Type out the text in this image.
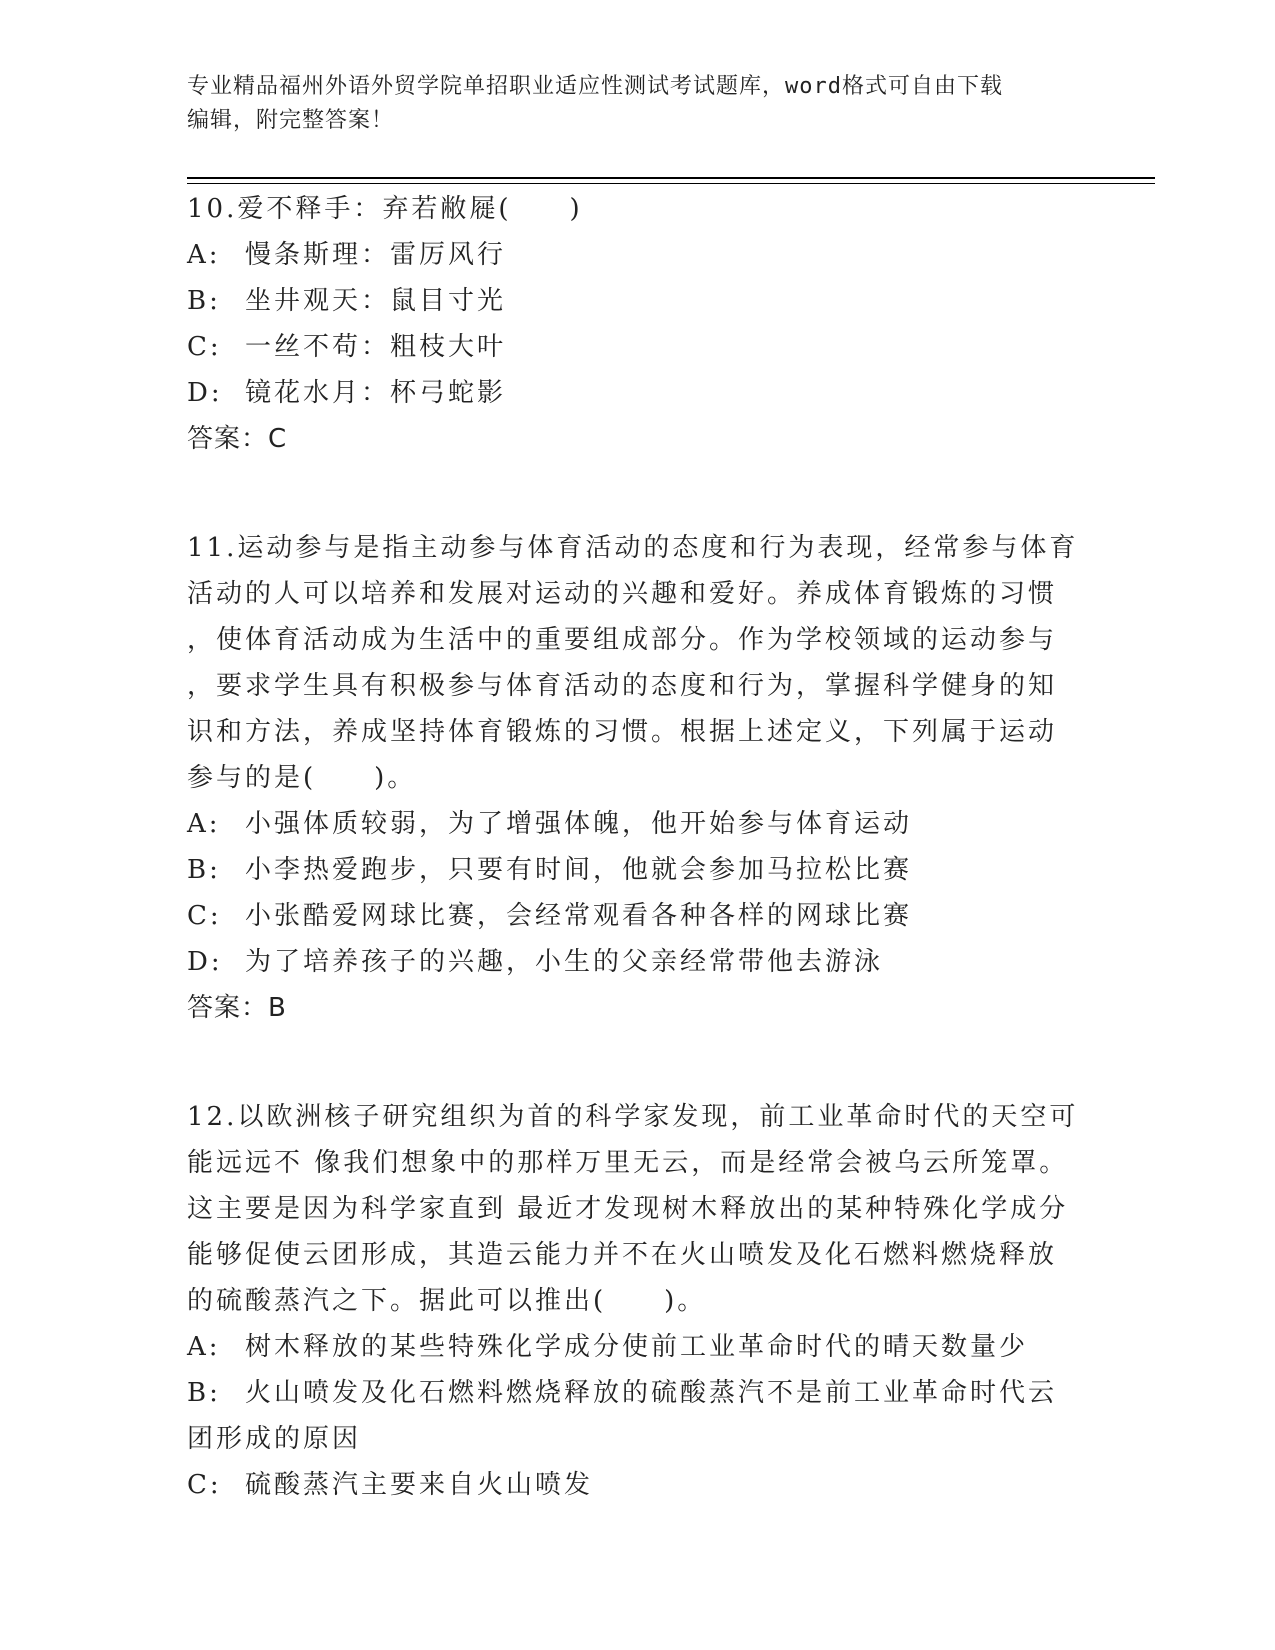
专业精品福州外语外贸学院单招职业适应性测试考试题库，word格式可自由下载
编辑，附完整答案！
10.爱不释手：弃若敝屣(　　)
A: 慢条斯理：雷厉风行
B: 坐井观天：鼠目寸光
C: 一丝不苟：粗枝大叶
D: 镜花水月：杯弓蛇影
答案：C
11.运动参与是指主动参与体育活动的态度和行为表现，经常参与体育
活动的人可以培养和发展对运动的兴趣和爱好。养成体育锻炼的习惯
，使体育活动成为生活中的重要组成部分。作为学校领域的运动参与
，要求学生具有积极参与体育活动的态度和行为，掌握科学健身的知
识和方法，养成坚持体育锻炼的习惯。根据上述定义，下列属于运动
参与的是(　　)。
A: 小强体质较弱，为了增强体魄，他开始参与体育运动
B: 小李热爱跑步，只要有时间，他就会参加马拉松比赛
C: 小张酷爱网球比赛，会经常观看各种各样的网球比赛
D: 为了培养孩子的兴趣，小生的父亲经常带他去游泳
答案：B
12.以欧洲核子研究组织为首的科学家发现，前工业革命时代的天空可
能远远不 像我们想象中的那样万里无云，而是经常会被乌云所笼罩。
这主要是因为科学家直到 最近才发现树木释放出的某种特殊化学成分
能够促使云团形成，其造云能力并不在火山喷发及化石燃料燃烧释放
的硫酸蒸汽之下。据此可以推出(　　)。
A: 树木释放的某些特殊化学成分使前工业革命时代的晴天数量少
B: 火山喷发及化石燃料燃烧释放的硫酸蒸汽不是前工业革命时代云
团形成的原因
C: 硫酸蒸汽主要来自火山喷发
